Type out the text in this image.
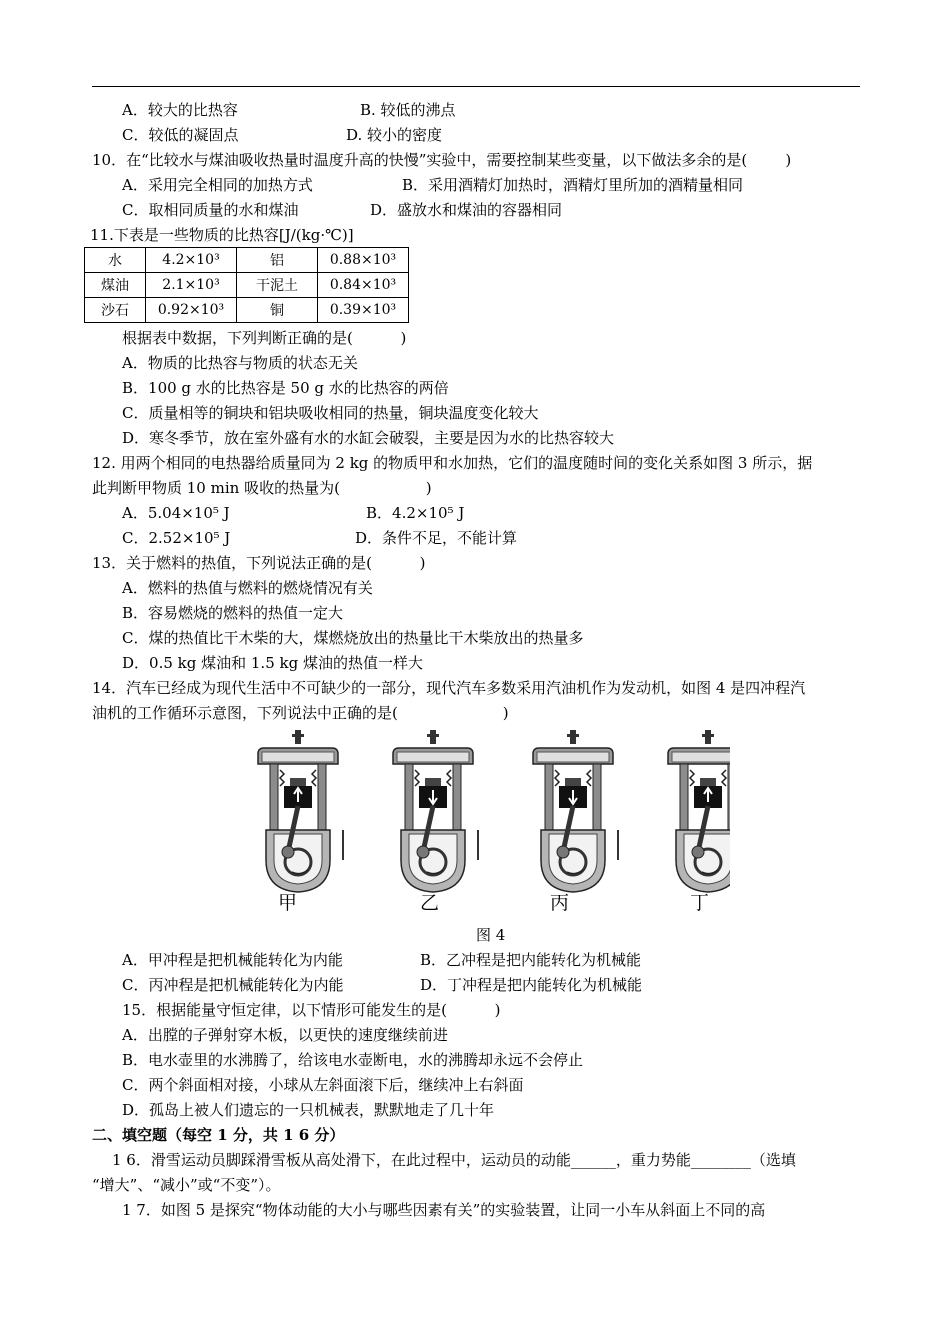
A．较大的比热容	B. 较低的沸点
C．较低的凝固点	D. 较小的密度
10．在“比较水与煤油吸收热量时温度升高的快慢”实验中，需要控制某些变量，以下做法多余的是(        )
A．采用完全相同的加热方式	B．采用酒精灯加热时，酒精灯里所加的酒精量相同
C．取相同质量的水和煤油	D．盛放水和煤油的容器相同
11.下表是一些物质的比热容[J/(kg·℃)]
水	4.2×10³	铝	0.88×10³
煤油	2.1×10³	干泥土	0.84×10³
沙石	0.92×10³	铜	0.39×10³
根据表中数据，下列判断正确的是(          )
A．物质的比热容与物质的状态无关
B．100 g 水的比热容是 50 g 水的比热容的两倍
C．质量相等的铜块和铝块吸收相同的热量，铜块温度变化较大
D．寒冬季节，放在室外盛有水的水缸会破裂，主要是因为水的比热容较大
12. 用两个相同的电热器给质量同为 2 kg 的物质甲和水加热，它们的温度随时间的变化关系如图 3 所示，据
此判断甲物质 10 min 吸收的热量为(                  )
A．5.04×10⁵ J	B．4.2×10⁵ J
C．2.52×10⁵ J	D．条件不足，不能计算
13．关于燃料的热值，下列说法正确的是(          )
A．燃料的热值与燃料的燃烧情况有关
B．容易燃烧的燃料的热值一定大
C．煤的热值比干木柴的大，煤燃烧放出的热量比干木柴放出的热量多
D．0.5 kg 煤油和 1.5 kg 煤油的热值一样大
14．汽车已经成为现代生活中不可缺少的一部分，现代汽车多数采用汽油机作为发动机，如图 4 是四冲程汽
油机的工作循环示意图，下列说法中正确的是(                      )
甲	乙	丙	丁
图 4
A．甲冲程是把机械能转化为内能	B．乙冲程是把内能转化为机械能
C．丙冲程是把机械能转化为内能	D．丁冲程是把内能转化为机械能
15．根据能量守恒定律，以下情形可能发生的是(          )
A．出膛的子弹射穿木板，以更快的速度继续前进
B．电水壶里的水沸腾了，给该电水壶断电，水的沸腾却永远不会停止
C．两个斜面相对接，小球从左斜面滚下后，继续冲上右斜面
D．孤岛上被人们遗忘的一只机械表，默默地走了几十年
二、填空题（每空 1 分，共 1 6 分）
1 6．滑雪运动员脚踩滑雪板从高处滑下，在此过程中，运动员的动能______，重力势能________（选填
“增大”、“减小”或“不变”）。
1 7．如图 5 是探究“物体动能的大小与哪些因素有关”的实验装置，让同一小车从斜面上不同的高
